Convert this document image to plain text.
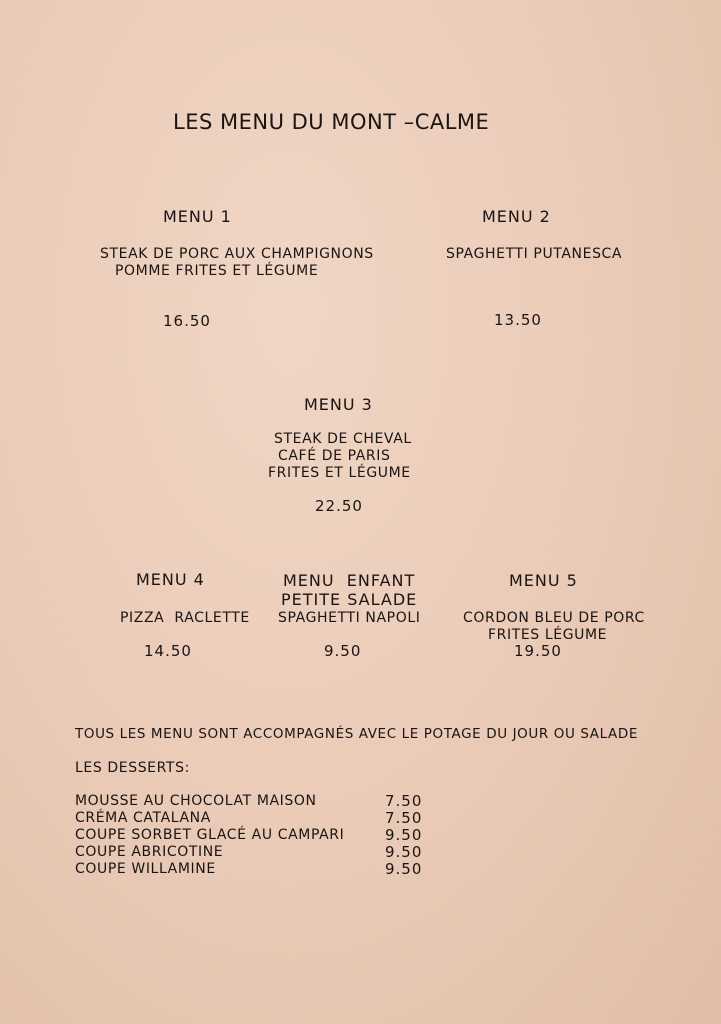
LES MENU DU MONT –CALME
MENU 1
STEAK DE PORC AUX CHAMPIGNONS
POMME FRITES ET LÉGUME
16.50
MENU 2
SPAGHETTI PUTANESCA
13.50
MENU 3
STEAK DE CHEVAL
CAFÉ DE PARIS
FRITES ET LÉGUME
22.50
MENU 4
PIZZA  RACLETTE
14.50
MENU  ENFANT
PETITE SALADE
SPAGHETTI NAPOLI
9.50
MENU 5
CORDON BLEU DE PORC
FRITES LÉGUME
19.50
TOUS LES MENU SONT ACCOMPAGNÉS AVEC LE POTAGE DU JOUR OU SALADE
LES DESSERTS:
MOUSSE AU CHOCOLAT MAISON	7.50
CRÉMA CATALANA	7.50
COUPE SORBET GLACÉ AU CAMPARI	9.50
COUPE ABRICOTINE	9.50
COUPE WILLAMINE	9.50
